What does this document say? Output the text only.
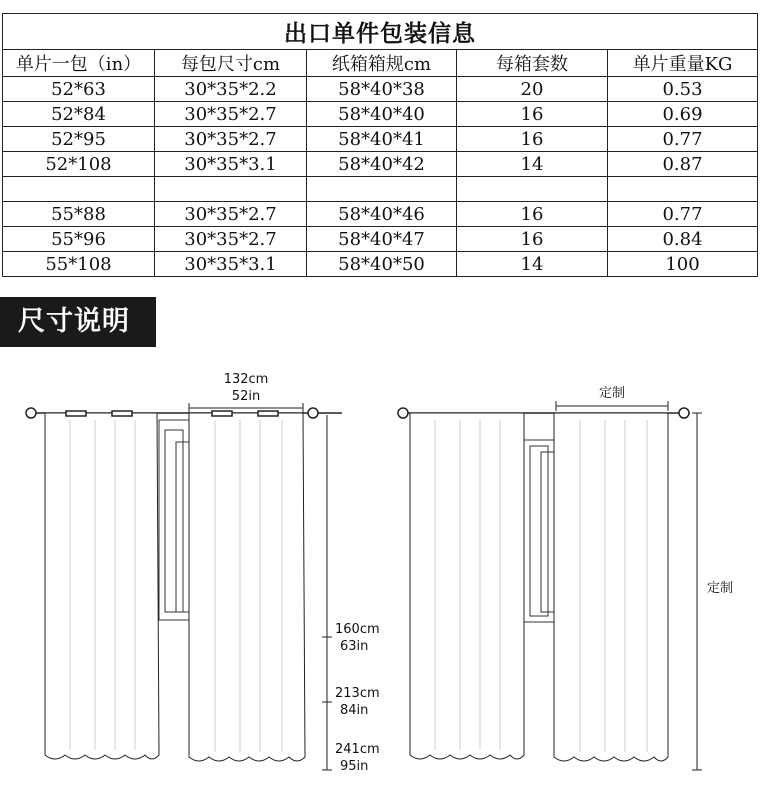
出口单件包装信息				
单片一包（in）	每包尺寸cm	纸箱箱规cm	每箱套数	单片重量KG
52*63	30*35*2.2	58*40*38	20	0.53
52*84	30*35*2.7	58*40*40	16	0.69
52*95	30*35*2.7	58*40*41	16	0.77
52*108	30*35*3.1	58*40*42	14	0.87

55*88	30*35*2.7	58*40*46	16	0.77
55*96	30*35*2.7	58*40*47	16	0.84
55*108	30*35*3.1	58*40*50	14	100
尺寸说明
132cm
52in
160cm
63in
213cm
84in
241cm
95in
定制
定制
